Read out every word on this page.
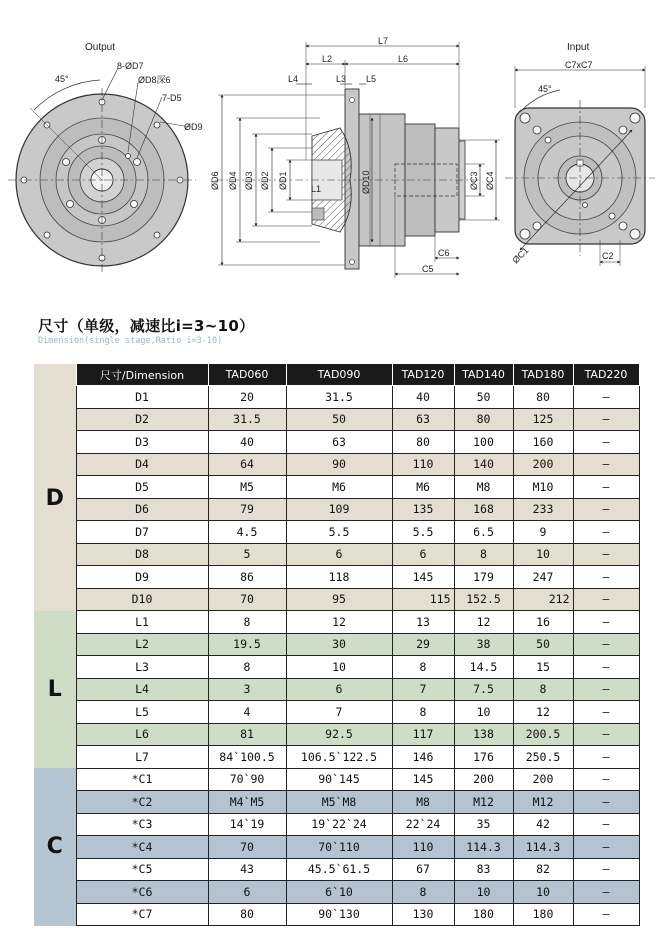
Output
45°
8-ØD7
ØD8深6
7-D5
ØD9
L7
L2	L6
L4	L3 L5
L1
ØD6 ØD4 ØD3 ØD2 ØD1	ØD10	ØC3 ØC4
C6
C5
Input
45°
C7xC7
ØC1	C2
尺寸（单级，减速比i=3~10）
Dimension(single stage,Ratio i=3-10)
	尺寸/Dimension	TAD060	TAD090	TAD120	TAD140	TAD180	TAD220
D	D1	20	31.5	40	50	80	–
	D2	31.5	50	63	80	125	–
	D3	40	63	80	100	160	–
	D4	64	90	110	140	200	–
	D5	M5	M6	M6	M8	M10	–
	D6	79	109	135	168	233	–
	D7	4.5	5.5	5.5	6.5	9	–
	D8	5	6	6	8	10	–
	D9	86	118	145	179	247	–
	D10	70	95	115	152.5	212	–
L	L1	8	12	13	12	16	–
	L2	19.5	30	29	38	50	–
	L3	8	10	8	14.5	15	–
	L4	3	6	7	7.5	8	–
	L5	4	7	8	10	12	–
	L6	81	92.5	117	138	200.5	–
	L7	84`100.5	106.5`122.5	146	176	250.5	–
C	*C1	70`90	90`145	145	200	200	–
	*C2	M4`M5	M5`M8	M8	M12	M12	–
	*C3	14`19	19`22`24	22`24	35	42	–
	*C4	70	70`110	110	114.3	114.3	–
	*C5	43	45.5`61.5	67	83	82	–
	*C6	6	6`10	8	10	10	–
	*C7	80	90`130	130	180	180	–
